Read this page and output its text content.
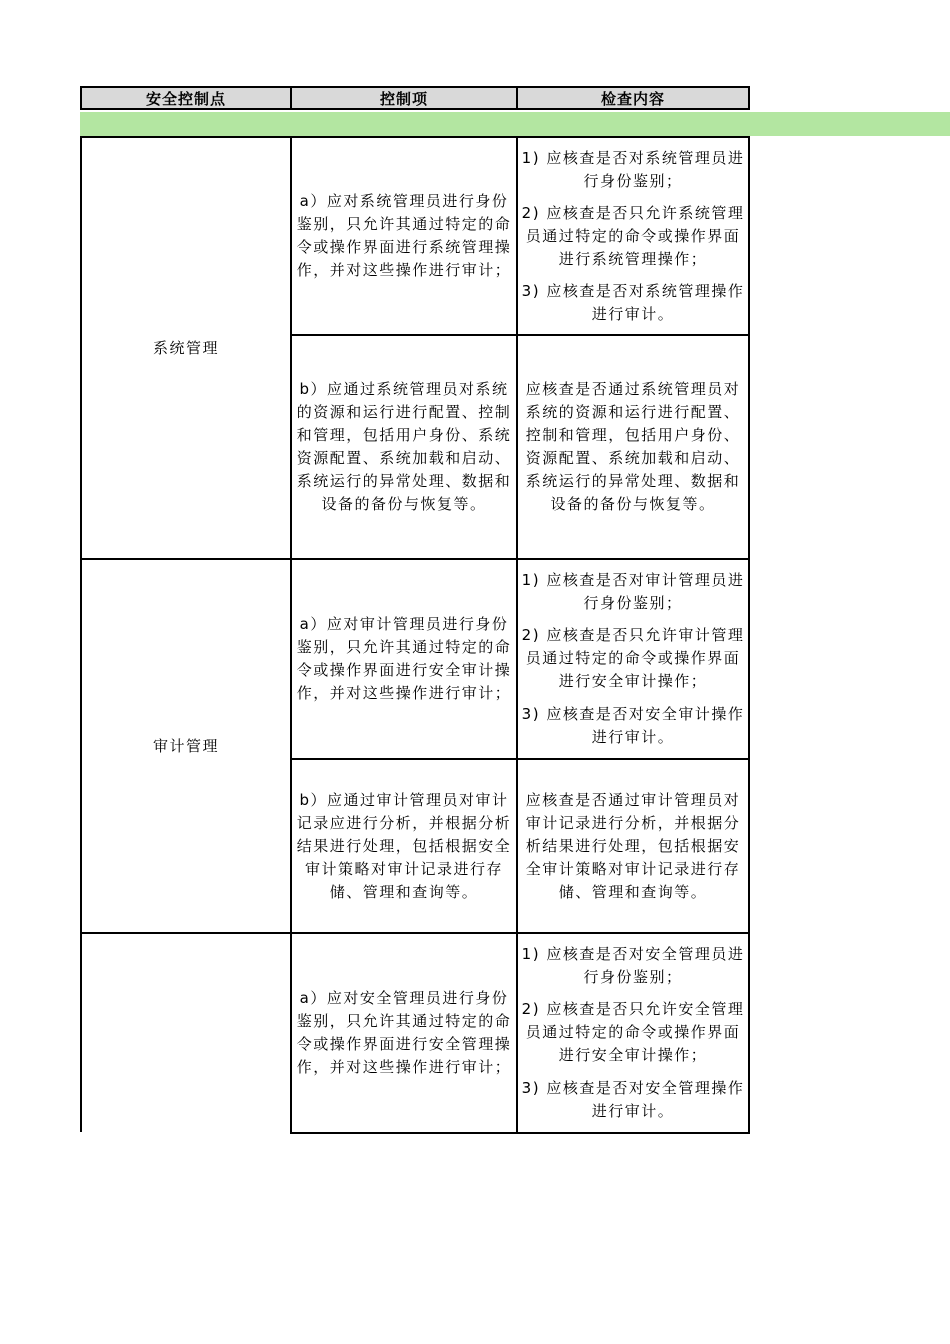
安全控制点	控制项	检查内容
系统管理
a）应对系统管理员进行身份鉴别，只允许其通过特定的命令或操作界面进行系统管理操作，并对这些操作进行审计；
1) 应核查是否对系统管理员进行身份鉴别；
2) 应核查是否只允许系统管理员通过特定的命令或操作界面进行系统管理操作；
3) 应核查是否对系统管理操作进行审计。
b）应通过系统管理员对系统的资源和运行进行配置、控制和管理，包括用户身份、系统资源配置、系统加载和启动、系统运行的异常处理、数据和设备的备份与恢复等。
应核查是否通过系统管理员对系统的资源和运行进行配置、控制和管理，包括用户身份、资源配置、系统加载和启动、系统运行的异常处理、数据和设备的备份与恢复等。
审计管理
a）应对审计管理员进行身份鉴别，只允许其通过特定的命令或操作界面进行安全审计操作，并对这些操作进行审计；
1) 应核查是否对审计管理员进行身份鉴别；
2) 应核查是否只允许审计管理员通过特定的命令或操作界面进行安全审计操作；
3) 应核查是否对安全审计操作进行审计。
b）应通过审计管理员对审计记录应进行分析，并根据分析结果进行处理，包括根据安全审计策略对审计记录进行存储、管理和查询等。
应核查是否通过审计管理员对审计记录进行分析，并根据分析结果进行处理，包括根据安全审计策略对审计记录进行存储、管理和查询等。
a）应对安全管理员进行身份鉴别，只允许其通过特定的命令或操作界面进行安全管理操作，并对这些操作进行审计；
1) 应核查是否对安全管理员进行身份鉴别；
2) 应核查是否只允许安全管理员通过特定的命令或操作界面进行安全审计操作；
3) 应核查是否对安全管理操作进行审计。
